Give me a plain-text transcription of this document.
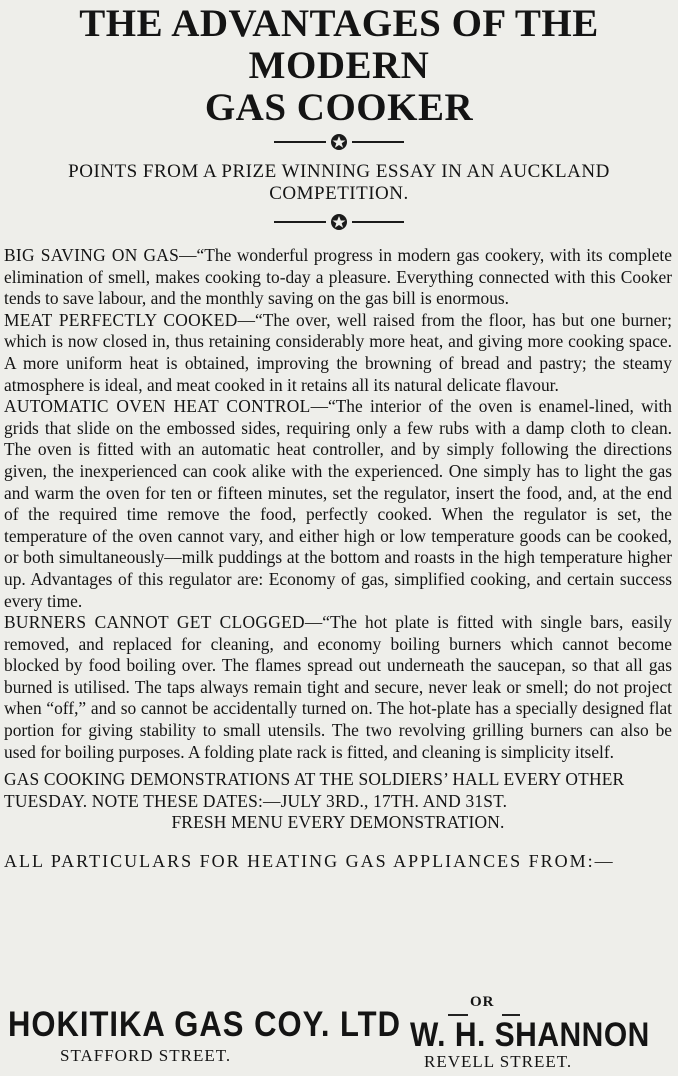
THE ADVANTAGES OF THE MODERN
GAS COOKER

POINTS FROM A PRIZE WINNING ESSAY IN AN AUCKLAND COMPETITION.

BIG SAVING ON GAS—“The wonderful progress in modern gas cookery, with its complete elimination of smell, makes cooking to-day a pleasure. Everything connected with this Cooker tends to save labour, and the monthly saving on the gas bill is enormous.

MEAT PERFECTLY COOKED—“The over, well raised from the floor, has but one burner; which is now closed in, thus retaining considerably more heat, and giving more cooking space. A more uniform heat is obtained, improving the browning of bread and pastry; the steamy atmosphere is ideal, and meat cooked in it retains all its natural delicate flavour.

AUTOMATIC OVEN HEAT CONTROL—“The interior of the oven is enamel-lined, with grids that slide on the embossed sides, requiring only a few rubs with a damp cloth to clean. The oven is fitted with an automatic heat controller, and by simply following the directions given, the inexperienced can cook alike with the experienced. One simply has to light the gas and warm the oven for ten or fifteen minutes, set the regulator, insert the food, and, at the end of the required time remove the food, perfectly cooked. When the regulator is set, the temperature of the oven cannot vary, and either high or low temperature goods can be cooked, or both simultaneously—milk puddings at the bottom and roasts in the high temperature higher up. Advantages of this regulator are: Economy of gas, simplified cooking, and certain success every time.

BURNERS CANNOT GET CLOGGED—“The hot plate is fitted with single bars, easily removed, and replaced for cleaning, and economy boiling burners which cannot become blocked by food boiling over. The flames spread out underneath the saucepan, so that all gas burned is utilised. The taps always remain tight and secure, never leak or smell; do not project when “off,” and so cannot be accidentally turned on. The hot-plate has a specially designed flat portion for giving stability to small utensils. The two revolving grilling burners can also be used for boiling purposes. A folding plate rack is fitted, and cleaning is simplicity itself.

GAS COOKING DEMONSTRATIONS AT THE SOLDIERS’ HALL EVERY OTHER TUESDAY. NOTE THESE DATES:—JULY 3RD., 17TH. AND 31ST.

FRESH MENU EVERY DEMONSTRATION.

ALL PARTICULARS FOR HEATING GAS APPLIANCES FROM:—

HOKITIKA GAS COY. LTD
STAFFORD STREET.
OR
W. H. SHANNON
REVELL STREET.
